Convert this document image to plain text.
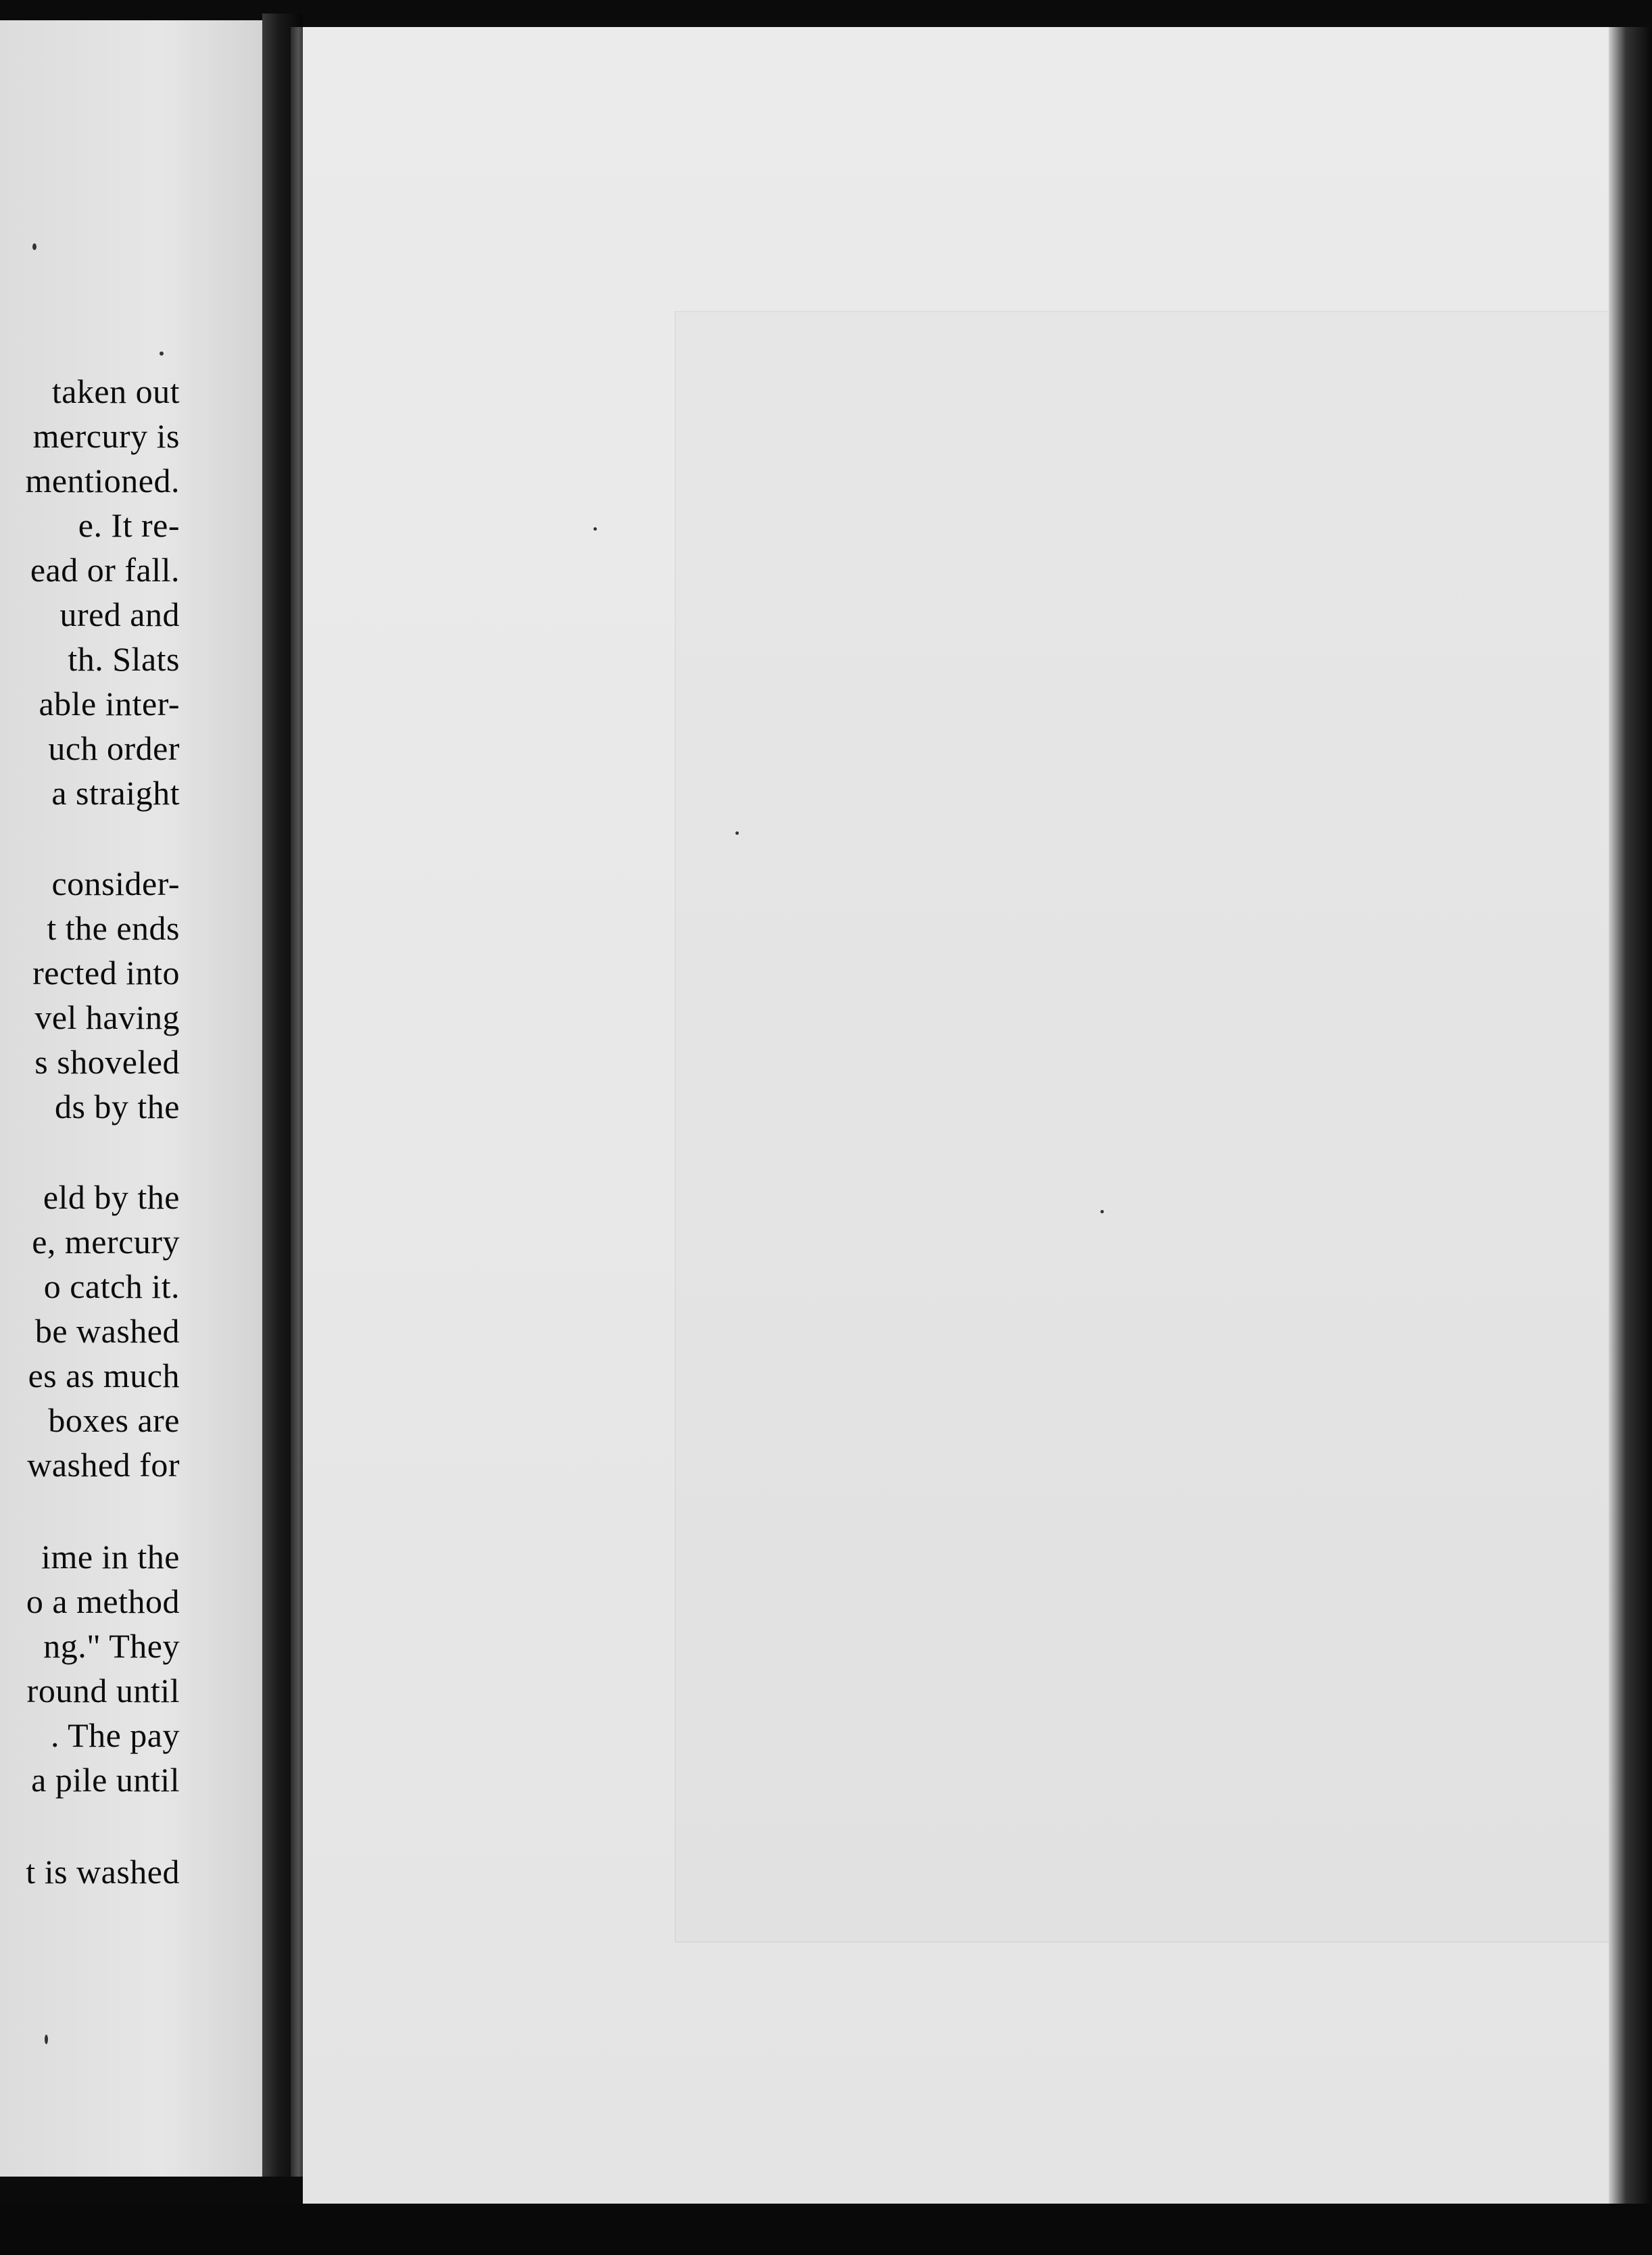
taken out
mercury is
mentioned.
e. It re-
ead or fall.
ured and
th. Slats
able inter-
uch order
a straight
consider-
t the ends
rected into
vel having
s shoveled
ds by the
eld by the
e, mercury
o catch it.
be washed
es as much
boxes are
washed for
ime in the
o a method
ng." They
round until
. The pay
a pile until
t is washed
